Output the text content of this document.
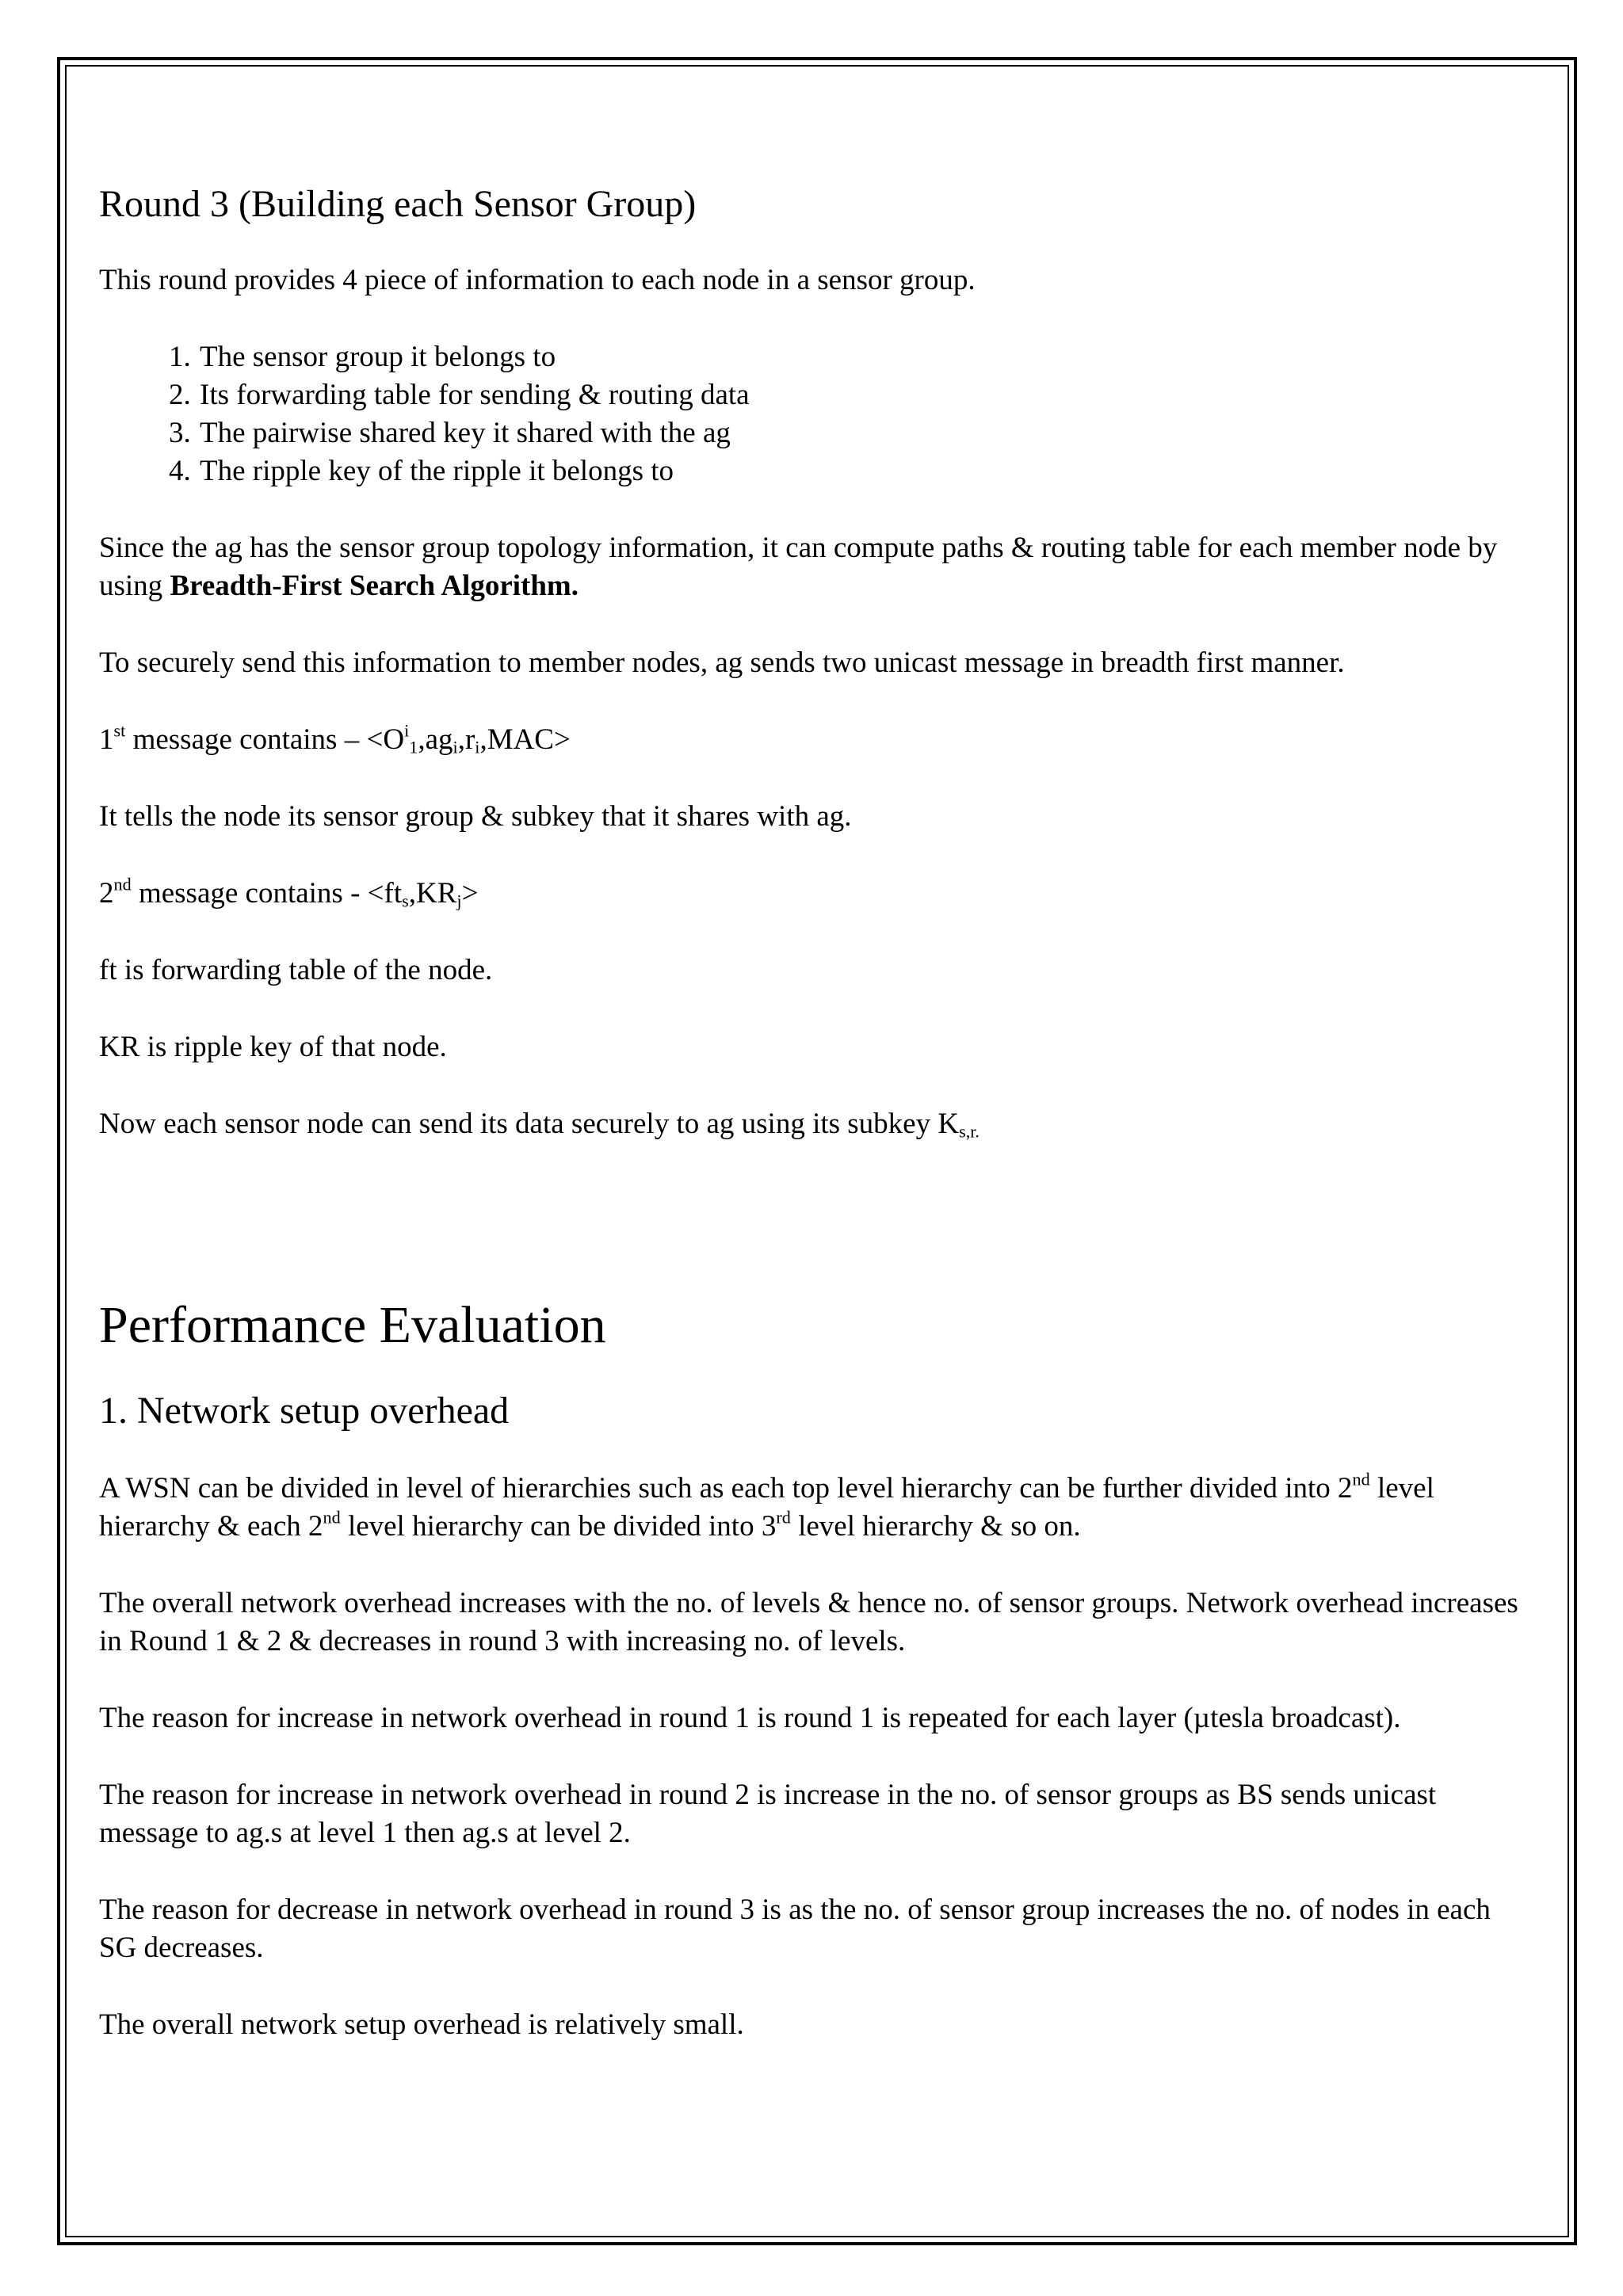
Round 3 (Building each Sensor Group)

This round provides 4 piece of information to each node in a sensor group.

1. The sensor group it belongs to
2. Its forwarding table for sending & routing data
3. The pairwise shared key it shared with the ag
4. The ripple key of the ripple it belongs to

Since the ag has the sensor group topology information, it can compute paths & routing table for each member node by using Breadth-First Search Algorithm.

To securely send this information to member nodes, ag sends two unicast message in breadth first manner.

1st message contains – $<O^i_1,ag_i,r_i,MAC>$

It tells the node its sensor group & subkey that it shares with ag.

2nd message contains - $<ft_s,KR_j>$

ft is forwarding table of the node.

KR is ripple key of that node.

Now each sensor node can send its data securely to ag using its subkey $K_{s,r.}$

Performance Evaluation
1. Network setup overhead

A WSN can be divided in level of hierarchies such as each top level hierarchy can be further divided into 2nd level hierarchy & each 2nd level hierarchy can be divided into 3rd level hierarchy & so on.

The overall network overhead increases with the no. of levels & hence no. of sensor groups. Network overhead increases in Round 1 & 2 & decreases in round 3 with increasing no. of levels.

The reason for increase in network overhead in round 1 is round 1 is repeated for each layer (µtesla broadcast).

The reason for increase in network overhead in round 2 is increase in the no. of sensor groups as BS sends unicast message to ag.s at level 1 then ag.s at level 2.

The reason for decrease in network overhead in round 3 is as the no. of sensor group increases the no. of nodes in each SG decreases.

The overall network setup overhead is relatively small.
